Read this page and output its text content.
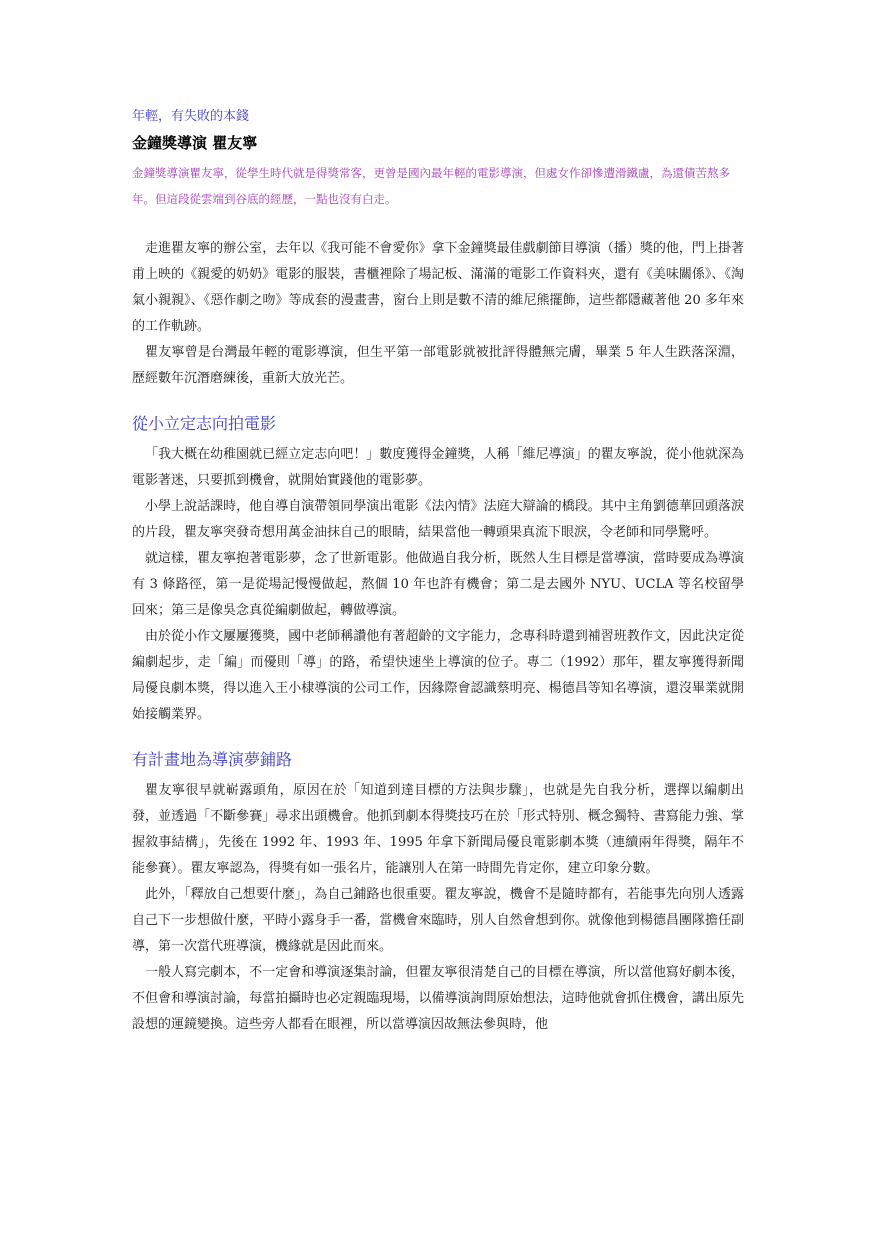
年輕，有失敗的本錢

金鐘獎導演 瞿友寧

金鐘獎導演瞿友寧，從學生時代就是得獎常客，更曾是國內最年輕的電影導演，但處女作卻慘遭滑鐵盧，為還債苦熬多年。但這段從雲端到谷底的經歷，一點也沒有白走。

走進瞿友寧的辦公室，去年以《我可能不會愛你》拿下金鐘獎最佳戲劇節目導演（播）獎的他，門上掛著甫上映的《親愛的奶奶》電影的服裝，書櫃裡除了場記板、滿滿的電影工作資料夾，還有《美味關係》、《淘氣小親親》、《惡作劇之吻》等成套的漫畫書，窗台上則是數不清的維尼熊擺飾，這些都隱藏著他 20 多年來的工作軌跡。

瞿友寧曾是台灣最年輕的電影導演，但生平第一部電影就被批評得體無完膚，畢業 5 年人生跌落深淵，歷經數年沉潛磨練後，重新大放光芒。

從小立定志向拍電影

「我大概在幼稚園就已經立定志向吧！」數度獲得金鐘獎，人稱「維尼導演」的瞿友寧說，從小他就深為電影著迷，只要抓到機會，就開始實踐他的電影夢。

小學上說話課時，他自導自演帶領同學演出電影《法內情》法庭大辯論的橋段。其中主角劉德華回頭落淚的片段，瞿友寧突發奇想用萬金油抹自己的眼睛，結果當他一轉頭果真流下眼淚，令老師和同學驚呼。

就這樣，瞿友寧抱著電影夢，念了世新電影。他做過自我分析，既然人生目標是當導演，當時要成為導演有 3 條路徑，第一是從場記慢慢做起，熬個 10 年也許有機會；第二是去國外 NYU、UCLA 等名校留學回來；第三是像吳念真從編劇做起，轉做導演。

由於從小作文屢屢獲獎，國中老師稱讚他有著超齡的文字能力，念專科時還到補習班教作文，因此決定從編劇起步，走「編」而優則「導」的路，希望快速坐上導演的位子。專二（1992）那年，瞿友寧獲得新聞局優良劇本獎，得以進入王小棣導演的公司工作，因緣際會認識蔡明亮、楊德昌等知名導演，還沒畢業就開始接觸業界。

有計畫地為導演夢鋪路

瞿友寧很早就嶄露頭角，原因在於「知道到達目標的方法與步驟」，也就是先自我分析，選擇以編劇出發，並透過「不斷參賽」尋求出頭機會。他抓到劇本得獎技巧在於「形式特別、概念獨特、書寫能力強、掌握敘事結構」，先後在 1992 年、1993 年、1995 年拿下新聞局優良電影劇本獎（連續兩年得獎，隔年不能參賽）。瞿友寧認為，得獎有如一張名片，能讓別人在第一時間先肯定你，建立印象分數。

此外，「釋放自己想要什麼」，為自己鋪路也很重要。瞿友寧說，機會不是隨時都有，若能事先向別人透露自己下一步想做什麼，平時小露身手一番，當機會來臨時，別人自然會想到你。就像他到楊德昌團隊擔任副導，第一次當代班導演，機緣就是因此而來。

一般人寫完劇本，不一定會和導演逐集討論，但瞿友寧很清楚自己的目標在導演，所以當他寫好劇本後，不但會和導演討論，每當拍攝時也必定親臨現場，以備導演詢問原始想法，這時他就會抓住機會，講出原先設想的運鏡變換。這些旁人都看在眼裡，所以當導演因故無法參與時，他
